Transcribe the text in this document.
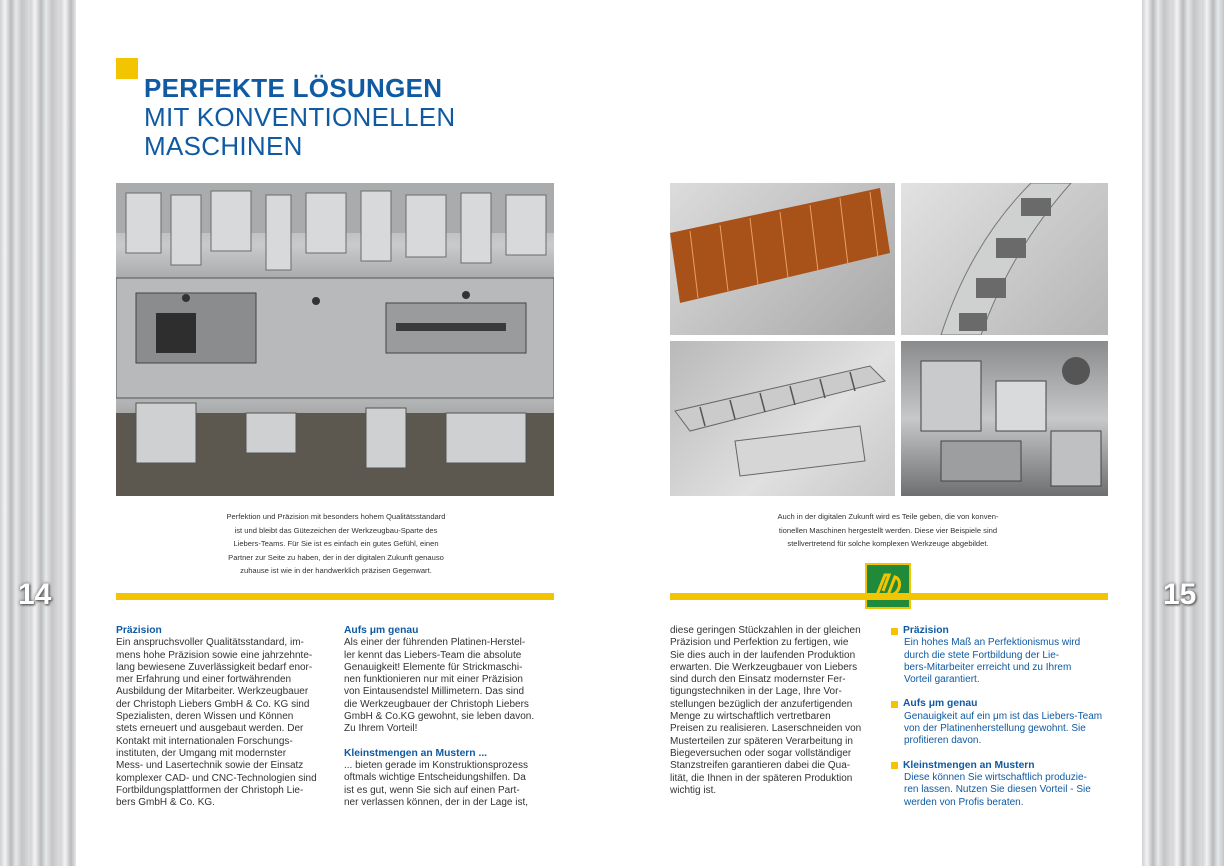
14	15
PERFEKTE LÖSUNGEN
MIT KONVENTIONELLEN
MASCHINEN
Perfektion und Präzision mit besonders hohem Qualitätsstandard
ist und bleibt das Gütezeichen der Werkzeugbau-Sparte des
Liebers-Teams. Für Sie ist es einfach ein gutes Gefühl, einen
Partner zur Seite zu haben, der in der digitalen Zukunft genauso
zuhause ist wie in der handwerklich präzisen Gegenwart.
Auch in der digitalen Zukunft wird es Teile geben, die von konven-
tionellen Maschinen hergestellt werden. Diese vier Beispiele sind
stellvertretend für solche komplexen Werkzeuge abgebildet.
Präzision
Ein anspruchsvoller Qualitätsstandard, im-
mens hohe Präzision sowie eine jahrzehnte-
lang bewiesene Zuverlässigkeit bedarf enor-
mer Erfahrung und einer fortwährenden
Ausbildung der Mitarbeiter. Werkzeugbauer
der Christoph Liebers GmbH & Co. KG sind
Spezialisten, deren Wissen und Können
stets erneuert und ausgebaut werden. Der
Kontakt mit internationalen Forschungs-
instituten, der Umgang mit modernster
Mess- und Lasertechnik sowie der Einsatz
komplexer CAD- und CNC-Technologien sind
Fortbildungsplattformen der Christoph Lie-
bers GmbH & Co. KG.
Aufs μm genau
Als einer der führenden Platinen-Herstel-
ler kennt das Liebers-Team die absolute
Genauigkeit! Elemente für Strickmaschi-
nen funktionieren nur mit einer Präzision
von Eintausendstel Millimetern. Das sind
die Werkzeugbauer der Christoph Liebers
GmbH & Co.KG gewohnt, sie leben davon.
Zu Ihrem Vorteil!
Kleinstmengen an Mustern ...
... bieten gerade im Konstruktionsprozess
oftmals wichtige Entscheidungshilfen. Da
ist es gut, wenn Sie sich auf einen Part-
ner verlassen können, der in der Lage ist,
diese geringen Stückzahlen in der gleichen
Präzision und Perfektion zu fertigen, wie
Sie dies auch in der laufenden Produktion
erwarten. Die Werkzeugbauer von Liebers
sind durch den Einsatz modernster Fer-
tigungstechniken in der Lage, Ihre Vor-
stellungen bezüglich der anzufertigenden
Menge zu wirtschaftlich vertretbaren
Preisen zu realisieren. Laserschneiden von
Musterteilen zur späteren Verarbeitung in
Biegeversuchen oder sogar vollständiger
Stanzstreifen garantieren dabei die Qua-
lität, die Ihnen in der späteren Produktion
wichtig ist.
Präzision
Ein hohes Maß an Perfektionismus wird
durch die stete Fortbildung der Lie-
bers-Mitarbeiter erreicht und zu Ihrem
Vorteil garantiert.
Aufs μm genau
Genauigkeit auf ein μm ist das Liebers-Team
von der Platinenherstellung gewohnt. Sie
profitieren davon.
Kleinstmengen an Mustern
Diese können Sie wirtschaftlich produzie-
ren lassen. Nutzen Sie diesen Vorteil - Sie
werden von Profis beraten.
